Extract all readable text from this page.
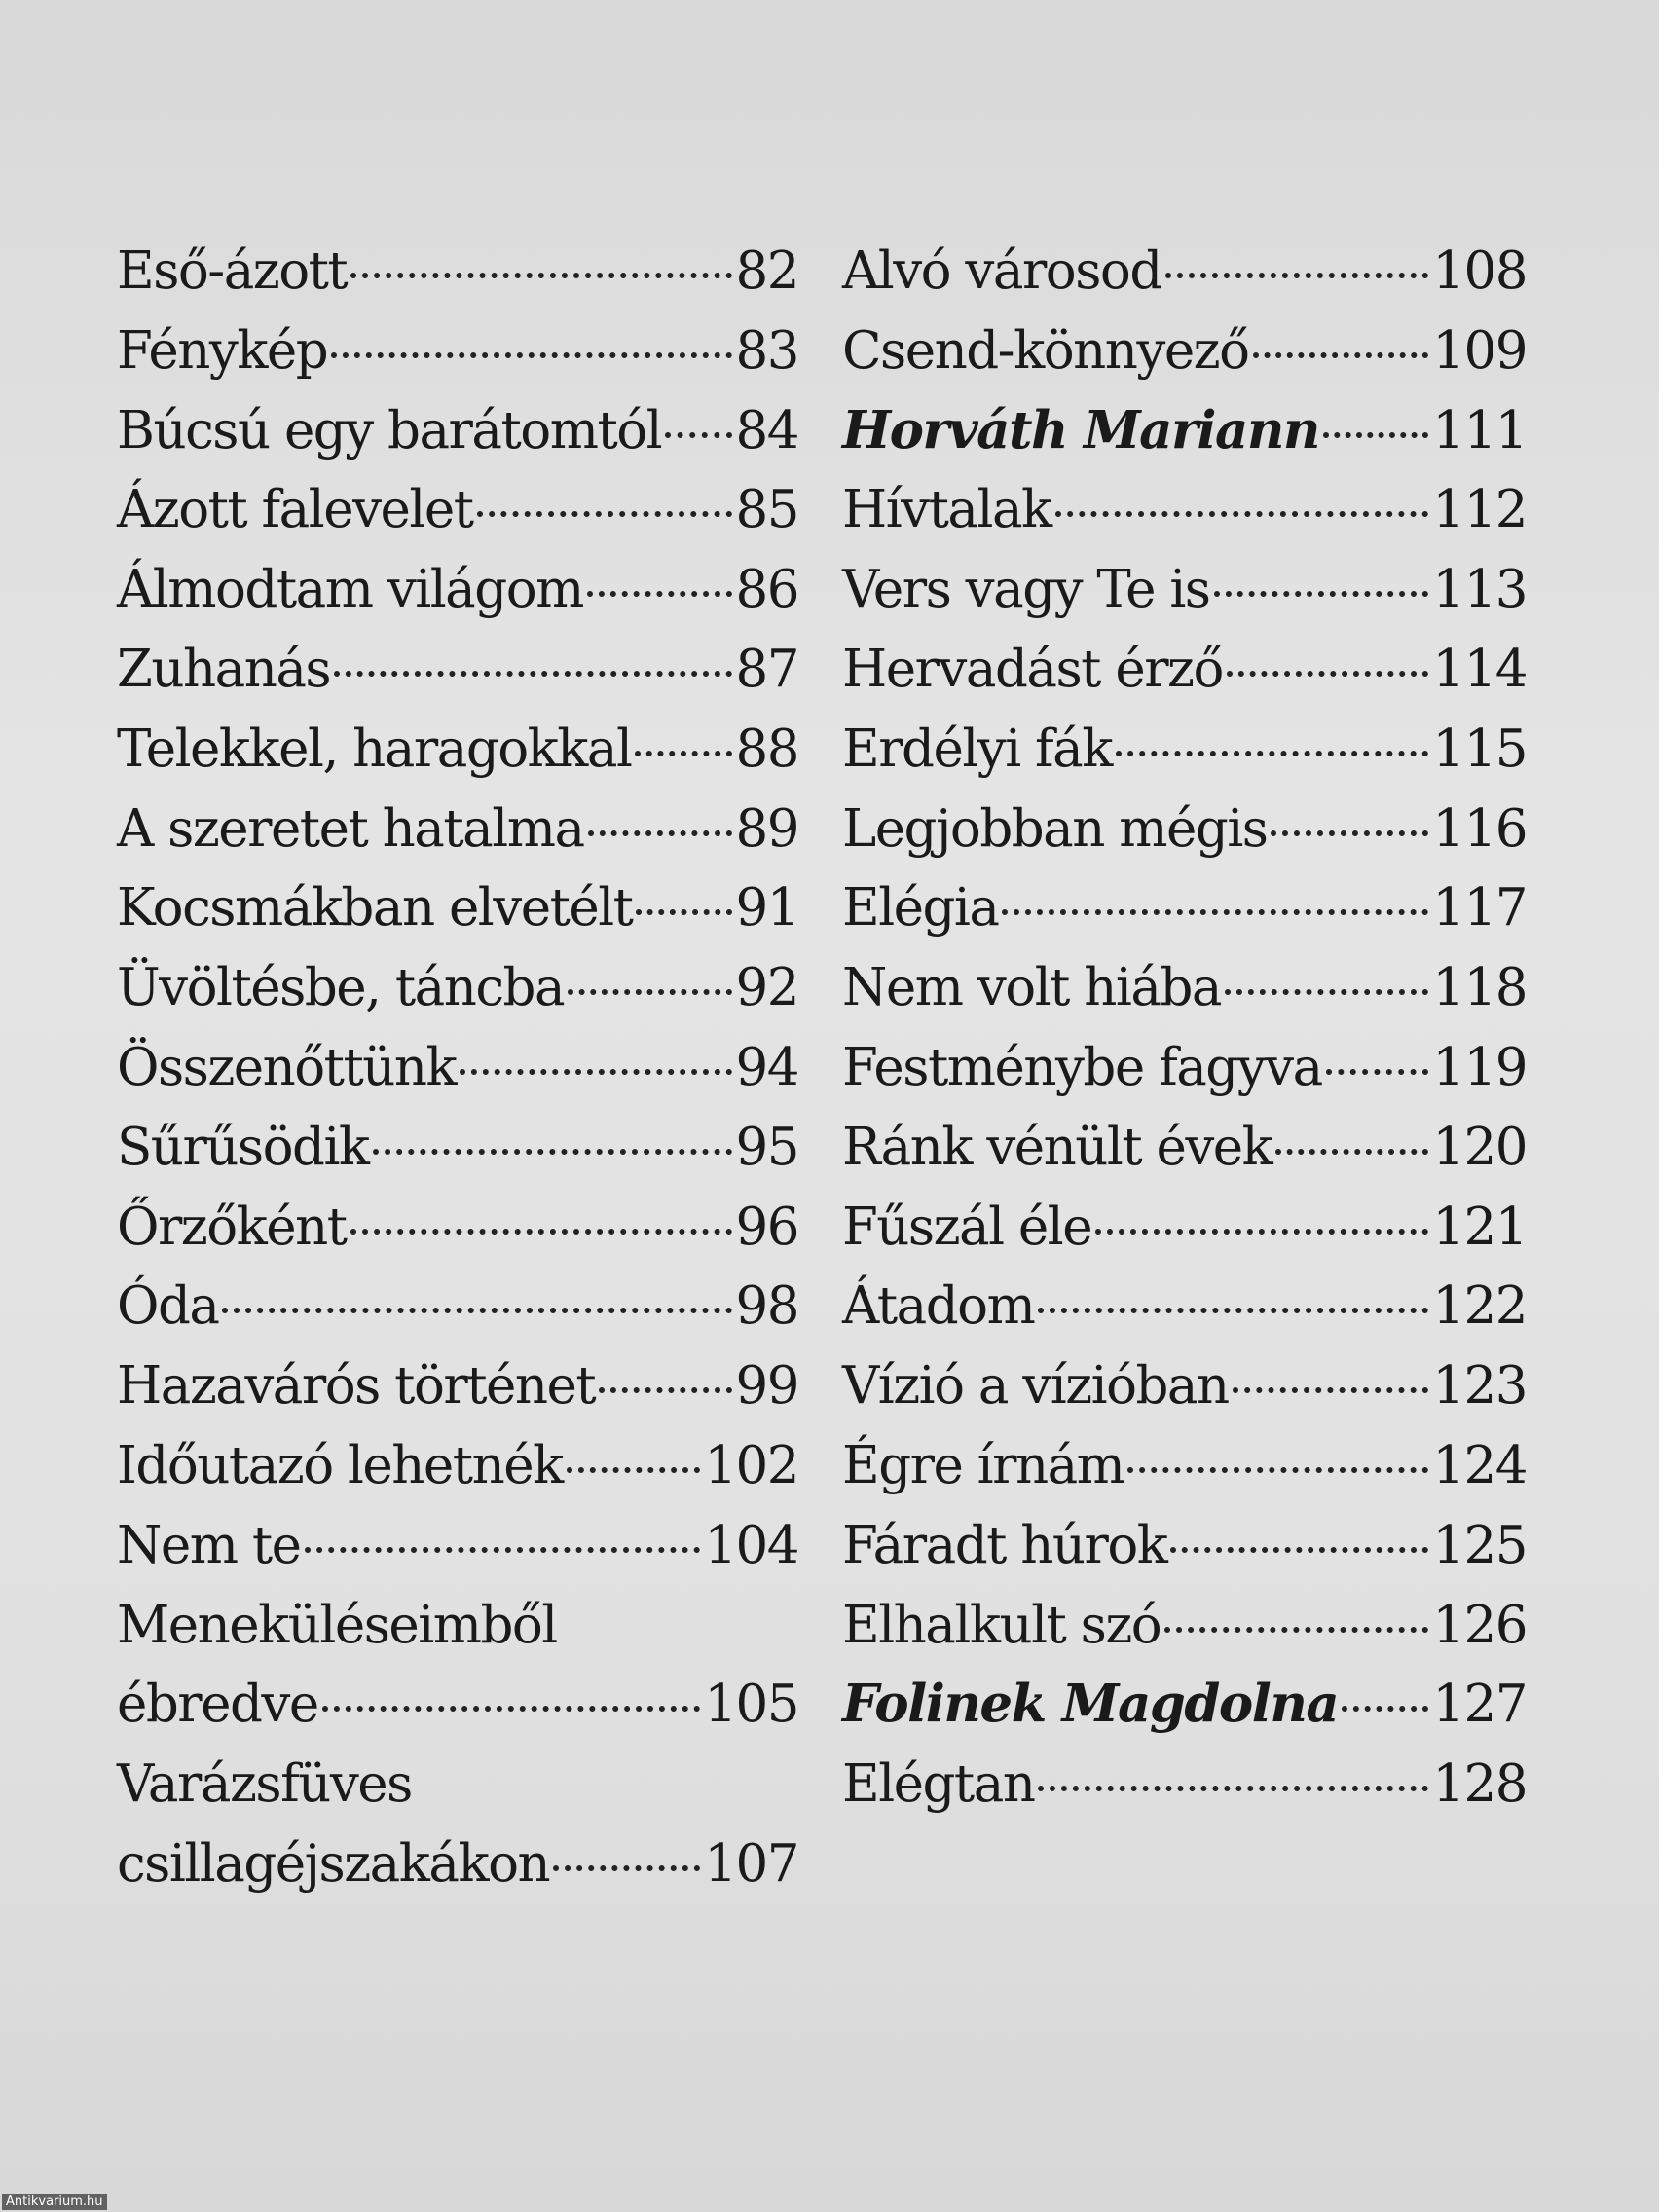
Eső-ázott	82
Fénykép	83
Búcsú egy barátomtól 84
Ázott falevelet	85
Álmodtam világom	86
Zuhanás	87
Telekkel, haragokkal 88
A szeretet hatalma	89
Kocsmákban elvetélt 91
Üvöltésbe, táncba	92
Összenőttünk	94
Sűrűsödik	95
Őrzőként	96
Óda	98
Hazavárós történet	99
Időutazó lehetnék	102
Nem te	104
Meneküléseimből
ébredve	105
Varázsfüves
csillagéjszakákon	107
Alvó városod	108
Csend-könnyező	109
Horváth Mariann 111
Hívtalak	112
Vers vagy Te is	113
Hervadást érző	114
Erdélyi fák	115
Legjobban mégis	116
Elégia	117
Nem volt hiába	118
Festménybe fagyva 119
Ránk vénült évek	120
Fűszál éle	121
Átadom	122
Vízió a vízióban	123
Égre írnám	124
Fáradt húrok	125
Elhalkult szó	126
Folinek Magdolna 127
Elégtan	128
Antikvarium.hu
